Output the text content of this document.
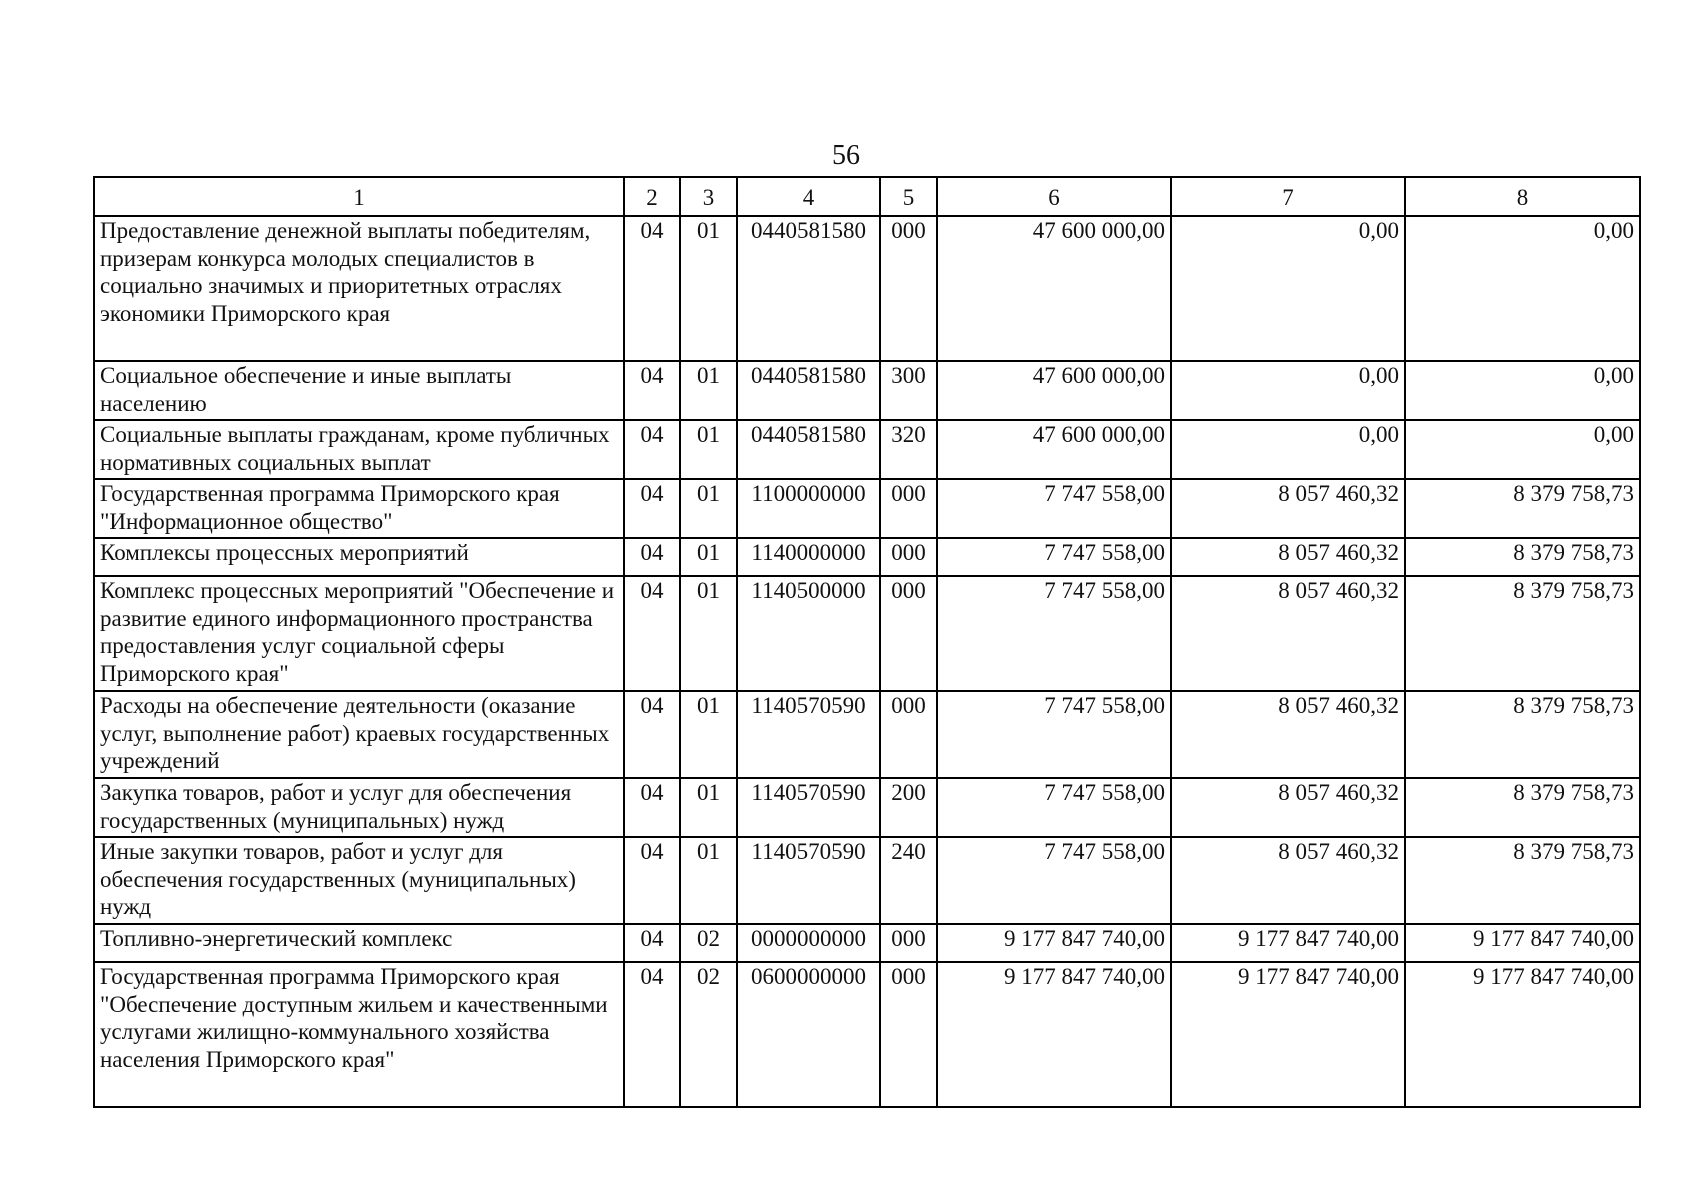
56
1	2	3	4	5	6	7	8
Предоставление денежной выплаты победителям, призерам конкурса молодых специалистов в социально значимых и приоритетных отраслях экономики Приморского края	04	01	0440581580	000	47 600 000,00	0,00	0,00
Социальное обеспечение и иные выплаты населению	04	01	0440581580	300	47 600 000,00	0,00	0,00
Социальные выплаты гражданам, кроме публичных нормативных социальных выплат	04	01	0440581580	320	47 600 000,00	0,00	0,00
Государственная программа Приморского края "Информационное общество"	04	01	1100000000	000	7 747 558,00	8 057 460,32	8 379 758,73
Комплексы процессных мероприятий	04	01	1140000000	000	7 747 558,00	8 057 460,32	8 379 758,73
Комплекс процессных мероприятий "Обеспечение и развитие единого информационного пространства предоставления услуг социальной сферы Приморского края"	04	01	1140500000	000	7 747 558,00	8 057 460,32	8 379 758,73
Расходы на обеспечение деятельности (оказание услуг, выполнение работ) краевых государственных учреждений	04	01	1140570590	000	7 747 558,00	8 057 460,32	8 379 758,73
Закупка товаров, работ и услуг для обеспечения государственных (муниципальных) нужд	04	01	1140570590	200	7 747 558,00	8 057 460,32	8 379 758,73
Иные закупки товаров, работ и услуг для обеспечения государственных (муниципальных) нужд	04	01	1140570590	240	7 747 558,00	8 057 460,32	8 379 758,73
Топливно-энергетический комплекс	04	02	0000000000	000	9 177 847 740,00	9 177 847 740,00	9 177 847 740,00
Государственная программа Приморского края "Обеспечение доступным жильем и качественными услугами жилищно-коммунального хозяйства населения Приморского края"	04	02	0600000000	000	9 177 847 740,00	9 177 847 740,00	9 177 847 740,00
